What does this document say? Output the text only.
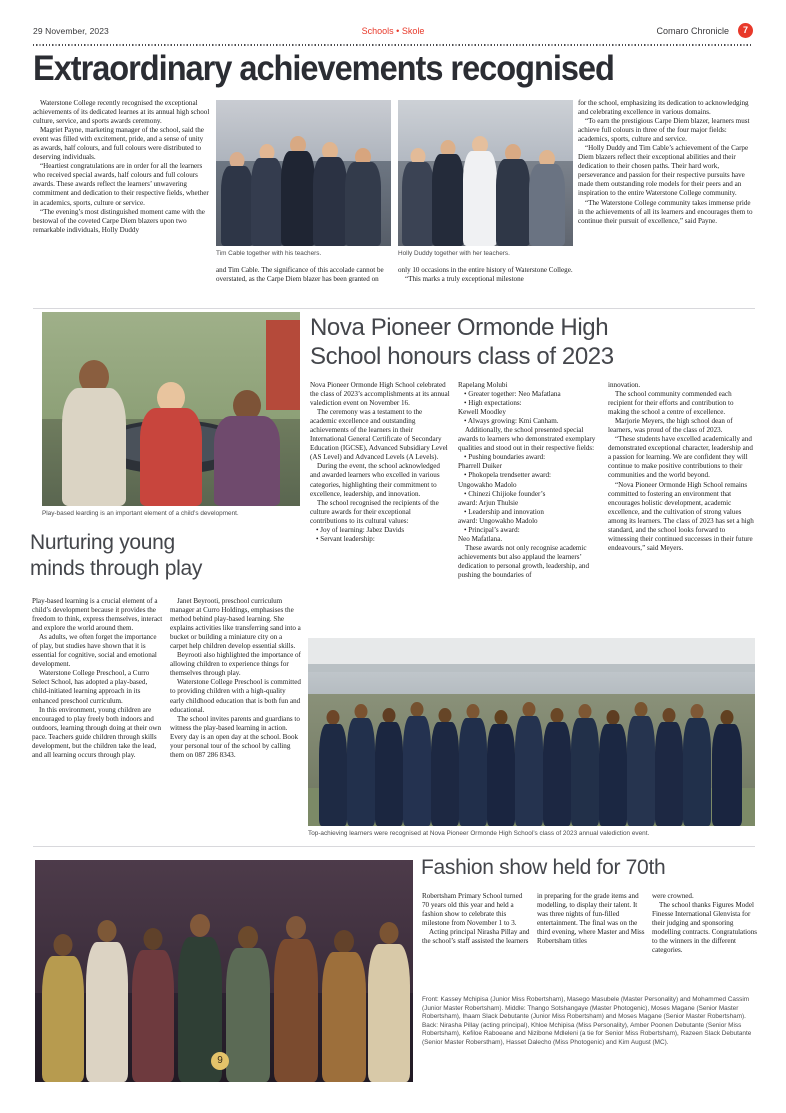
29 November, 2023	Schools • Skole	Comaro Chronicle	7
Extraordinary achievements recognised

Waterstone College recently recognised the exceptional achievements of its dedicated learnes at its annual high school culture, service, and sports awards ceremony.

Magriet Payne, marketing manager of the school, said the event was filled with excitement, pride, and a sense of unity as awards, half colours, and full colours were distributed to deserving individuals.

“Heartiest congratulations are in order for all the learners who received special awards, half colours and full colours awards. These awards reflect the learners’ unwavering commitment and dedication to their respective fields, whether in academics, sports, culture or service.

“The evening’s most distinguished moment came with the bestowal of the coveted Carpe Diem blazers upon two remarkable individuals, Holly Duddy

Tim Cable together with his teachers.	Holly Duddy together with her teachers.

and Tim Cable. The significance of this accolade cannot be overstated, as the Carpe Diem blazer has been granted on

only 10 occasions in the entire history of Waterstone College.

“This marks a truly exceptional milestone

for the school, emphasizing its dedication to acknowledging and celebrating excellence in various domains.

“To earn the prestigious Carpe Diem blazer, learners must achieve full colours in three of the four major fields: academics, sports, culture and service.

“Holly Duddy and Tim Cable’s achievement of the Carpe Diem blazers reflect their exceptional abilities and their dedication to their chosen paths. Their hard work, perseverance and passion for their respective pursuits have made them outstanding role models for their peers and an inspiration to the entire Waterstone College community.

“The Waterstone College community takes immense pride in the achievements of all its learners and encourages them to continue their pursuit of excellence,” said Payne.

Play-based learding is an important element of a child’s development.
Nova Pioneer Ormonde High
School honours class of 2023

Nova Pioneer Ormonde High School celebrated the class of 2023’s accomplishments at its annual valediction event on November 16.

The ceremony was a testament to the academic excellence and outstanding achievements of the learners in their International General Certificate of Secondary Education (IGCSE), Advanced Subsidiary Level (AS Level) and Advanced Levels (A Levels).

During the event, the school acknowledged and awarded learners who excelled in various categories, highlighting their commitment to excellence, leadership, and innovation.

The school recognised the recipients of the culture awards for their exceptional contributions to its cultural values:

• Joy of learning: Jabez Davids

• Servant leadership:

Rapelang Molubi

• Greater together: Neo Mafatlana

• High expectations:

Kewell Moodley

• Always growing: Kmi Canham.

Additionally, the school presented special awards to learners who demonstrated exemplary qualities and stood out in their respective fields:

• Pushing boundaries award:

Pharrell Duiker

• Phokopela trendsetter award:

Ungowakho Madolo

• Chinezi Chijioke founder’s

award: Arjun Thulsie

• Leadership and innovation

award: Ungowakho Madolo

• Principal’s award:

Neo Mafatlana.

These awards not only recognise academic achievements but also applaud the learners’ dedication to personal growth, leadership, and pushing the boundaries of

innovation.

The school community commended each recipient for their efforts and contribution to making the school a centre of excellence.

Marjorie Meyers, the high school dean of learners, was proud of the class of 2023.

“These students have excelled academically and demonstrated exceptional character, leadership and a passion for learning. We are confident they will continue to make positive contributions to their communities and the world beyond.

“Nova Pioneer Ormonde High School remains committed to fostering an environment that encourages holistic development, academic excellence, and the cultivation of strong values among its learners. The class of 2023 has set a high standard, and the school looks forward to witnessing their continued successes in their future endeavours,” said Meyers.

Nurturing young
minds through play

Play-based learning is a crucial element of a child’s development because it provides the freedom to think, express themselves, interact and explore the world around them.

As adults, we often forget the importance of play, but studies have shown that it is essential for cognitive, social and emotional development.

Waterstone College Preschool, a Curro Select School, has adopted a play-based, child-initiated learning approach in its enhanced preschool curriculum.

In this environment, young children are encouraged to play freely both indoors and outdoors, learning through doing at their own pace. Teachers guide children through skills development, but the children take the lead, and all learning occurs through play.

Janet Beyrooti, preschool curriculum manager at Curro Holdings, emphasises the method behind play-based learning. She explains activities like transferring sand into a bucket or building a miniature city on a carpet help children develop essential skills.

Beyrooti also highlighted the importance of allowing children to experience things for themselves through play.

Waterstone College Preschool is committed to providing children with a high-quality early childhood education that is both fun and educational.

The school invites parents and guardians to witness the play-based learning in action. Every day is an open day at the school. Book your personal tour of the school by calling them on 087 286 8343.

Top-achieving learners were recognised at Nova Pioneer Ormonde High School’s class of 2023 annual valediction event.
9
Fashion show held for 70th

Robertsham Primary School turned 70 years old this year and held a fashion show to celebrate this milestone from November 1 to 3.

Acting principal Nirasha Pillay and the school’s staff assisted the learners

in preparing for the grade items and modelling, to display their talent. It was three nights of fun-filled entertainment. The final was on the third evening, where Master and Miss Robertsham titles

were crowned.

The school thanks Figures Model Finesse International Glenvista for their judging and sponsoring modelling contracts. Congratulations to the winners in the different categories.

Front: Kassey Mchipisa (Junior Miss Robertsham), Masego Masubele (Master Personality) and Mohammed Cassim (Junior Master Robertsham). Middle: Thango Sotshangaye (Master Photogenic), Moses Magane (Senior Master Robertsham), Ihaam Slack Debutante (Junior Miss Robertsham) and Moses Magane (Senior Master Robertsham). Back: Nirasha Pillay (acting principal), Khloe Mchipisa (Miss Personality), Amber Poonen Debutante (Senior Miss Robertsham), Kefiloe Raboeane and Nizibone Mdleleni (a tie for Senior Miss Robertsham), Razeen Slack Debutante (Senior Master Roberstham), Hasset Dalecho (Miss Photogenic) and Kim August (MC).
